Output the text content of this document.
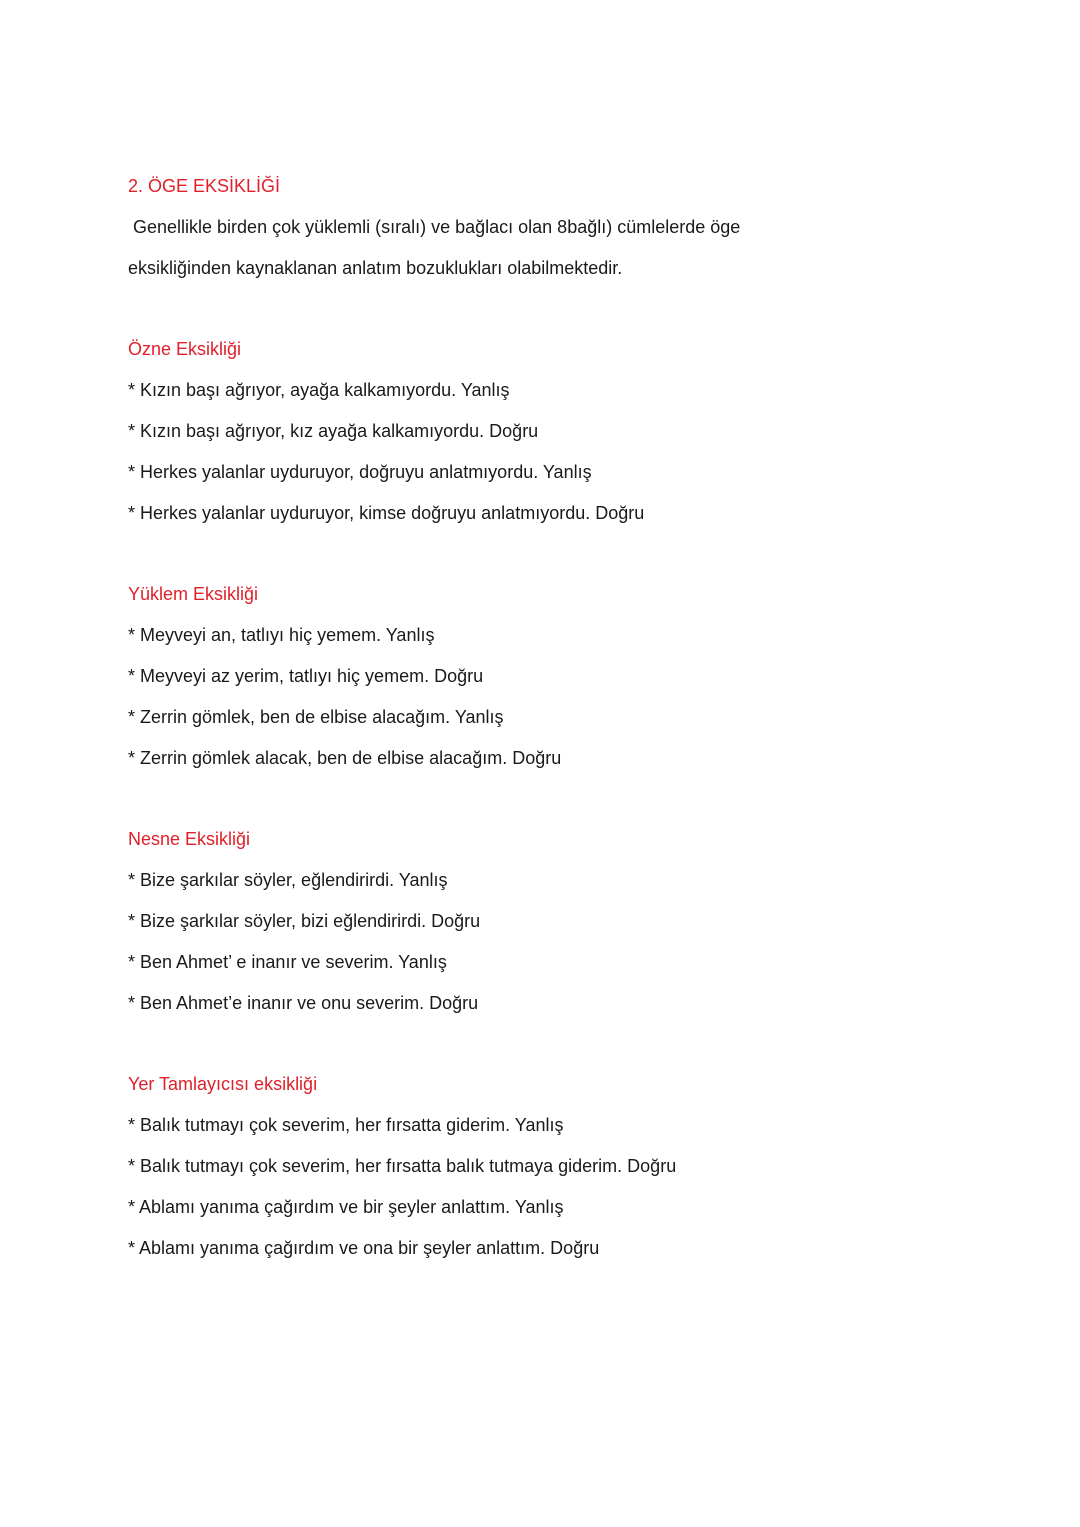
2. ÖGE EKSİKLİĞİ
Genellikle birden çok yüklemli (sıralı) ve bağlacı olan 8bağlı) cümlelerde öge
eksikliğinden kaynaklanan anlatım bozuklukları olabilmektedir.
Özne Eksikliği
* Kızın başı ağrıyor, ayağa kalkamıyordu. Yanlış
* Kızın başı ağrıyor, kız ayağa kalkamıyordu. Doğru
* Herkes yalanlar uyduruyor, doğruyu anlatmıyordu. Yanlış
* Herkes yalanlar uyduruyor, kimse doğruyu anlatmıyordu. Doğru
Yüklem Eksikliği
* Meyveyi an, tatlıyı hiç yemem. Yanlış
* Meyveyi az yerim, tatlıyı hiç yemem. Doğru
* Zerrin gömlek, ben de elbise alacağım. Yanlış
* Zerrin gömlek alacak, ben de elbise alacağım. Doğru
Nesne Eksikliği
* Bize şarkılar söyler, eğlendirirdi. Yanlış
* Bize şarkılar söyler, bizi eğlendirirdi. Doğru
* Ben Ahmet’ e inanır ve severim. Yanlış
* Ben Ahmet’e inanır ve onu severim. Doğru
Yer Tamlayıcısı eksikliği
* Balık tutmayı çok severim, her fırsatta giderim. Yanlış
* Balık tutmayı çok severim, her fırsatta balık tutmaya giderim. Doğru
* Ablamı yanıma çağırdım ve bir şeyler anlattım. Yanlış
* Ablamı yanıma çağırdım ve ona bir şeyler anlattım. Doğru
